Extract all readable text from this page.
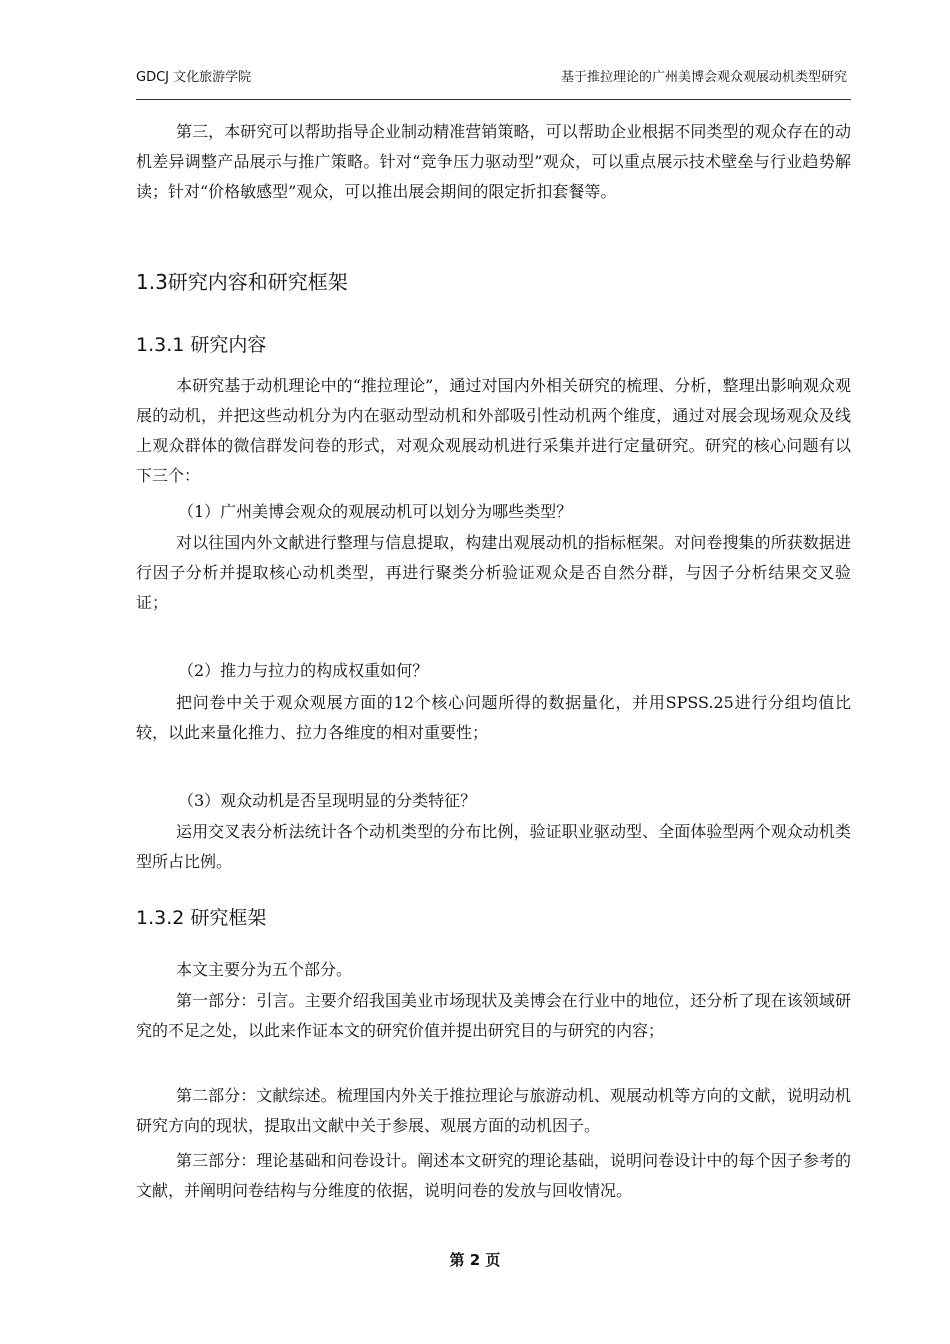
GDCJ 文化旅游学院	基于推拉理论的广州美博会观众观展动机类型研究

第三，本研究可以帮助指导企业制动精准营销策略，可以帮助企业根据不同类型的观众存在的动机差异调整产品展示与推广策略。针对“竞争压力驱动型”观众，可以重点展示技术壁垒与行业趋势解读；针对“价格敏感型”观众，可以推出展会期间的限定折扣套餐等。

1.3研究内容和研究框架
1.3.1 研究内容

本研究基于动机理论中的“推拉理论”，通过对国内外相关研究的梳理、分析，整理出影响观众观展的动机，并把这些动机分为内在驱动型动机和外部吸引性动机两个维度，通过对展会现场观众及线上观众群体的微信群发问卷的形式，对观众观展动机进行采集并进行定量研究。研究的核心问题有以下三个：

（1）广州美博会观众的观展动机可以划分为哪些类型？

对以往国内外文献进行整理与信息提取，构建出观展动机的指标框架。对问卷搜集的所获数据进行因子分析并提取核心动机类型，再进行聚类分析验证观众是否自然分群，与因子分析结果交叉验证；

（2）推力与拉力的构成权重如何？

把问卷中关于观众观展方面的12个核心问题所得的数据量化，并用SPSS.25进行分组均值比较，以此来量化推力、拉力各维度的相对重要性；

（3）观众动机是否呈现明显的分类特征？

运用交叉表分析法统计各个动机类型的分布比例，验证职业驱动型、全面体验型两个观众动机类型所占比例。

1.3.2 研究框架

本文主要分为五个部分。

第一部分：引言。主要介绍我国美业市场现状及美博会在行业中的地位，还分析了现在该领域研究的不足之处，以此来作证本文的研究价值并提出研究目的与研究的内容；

第二部分：文献综述。梳理国内外关于推拉理论与旅游动机、观展动机等方向的文献，说明动机研究方向的现状，提取出文献中关于参展、观展方面的动机因子。

第三部分：理论基础和问卷设计。阐述本文研究的理论基础，说明问卷设计中的每个因子参考的文献，并阐明问卷结构与分维度的依据，说明问卷的发放与回收情况。

第 2 页
